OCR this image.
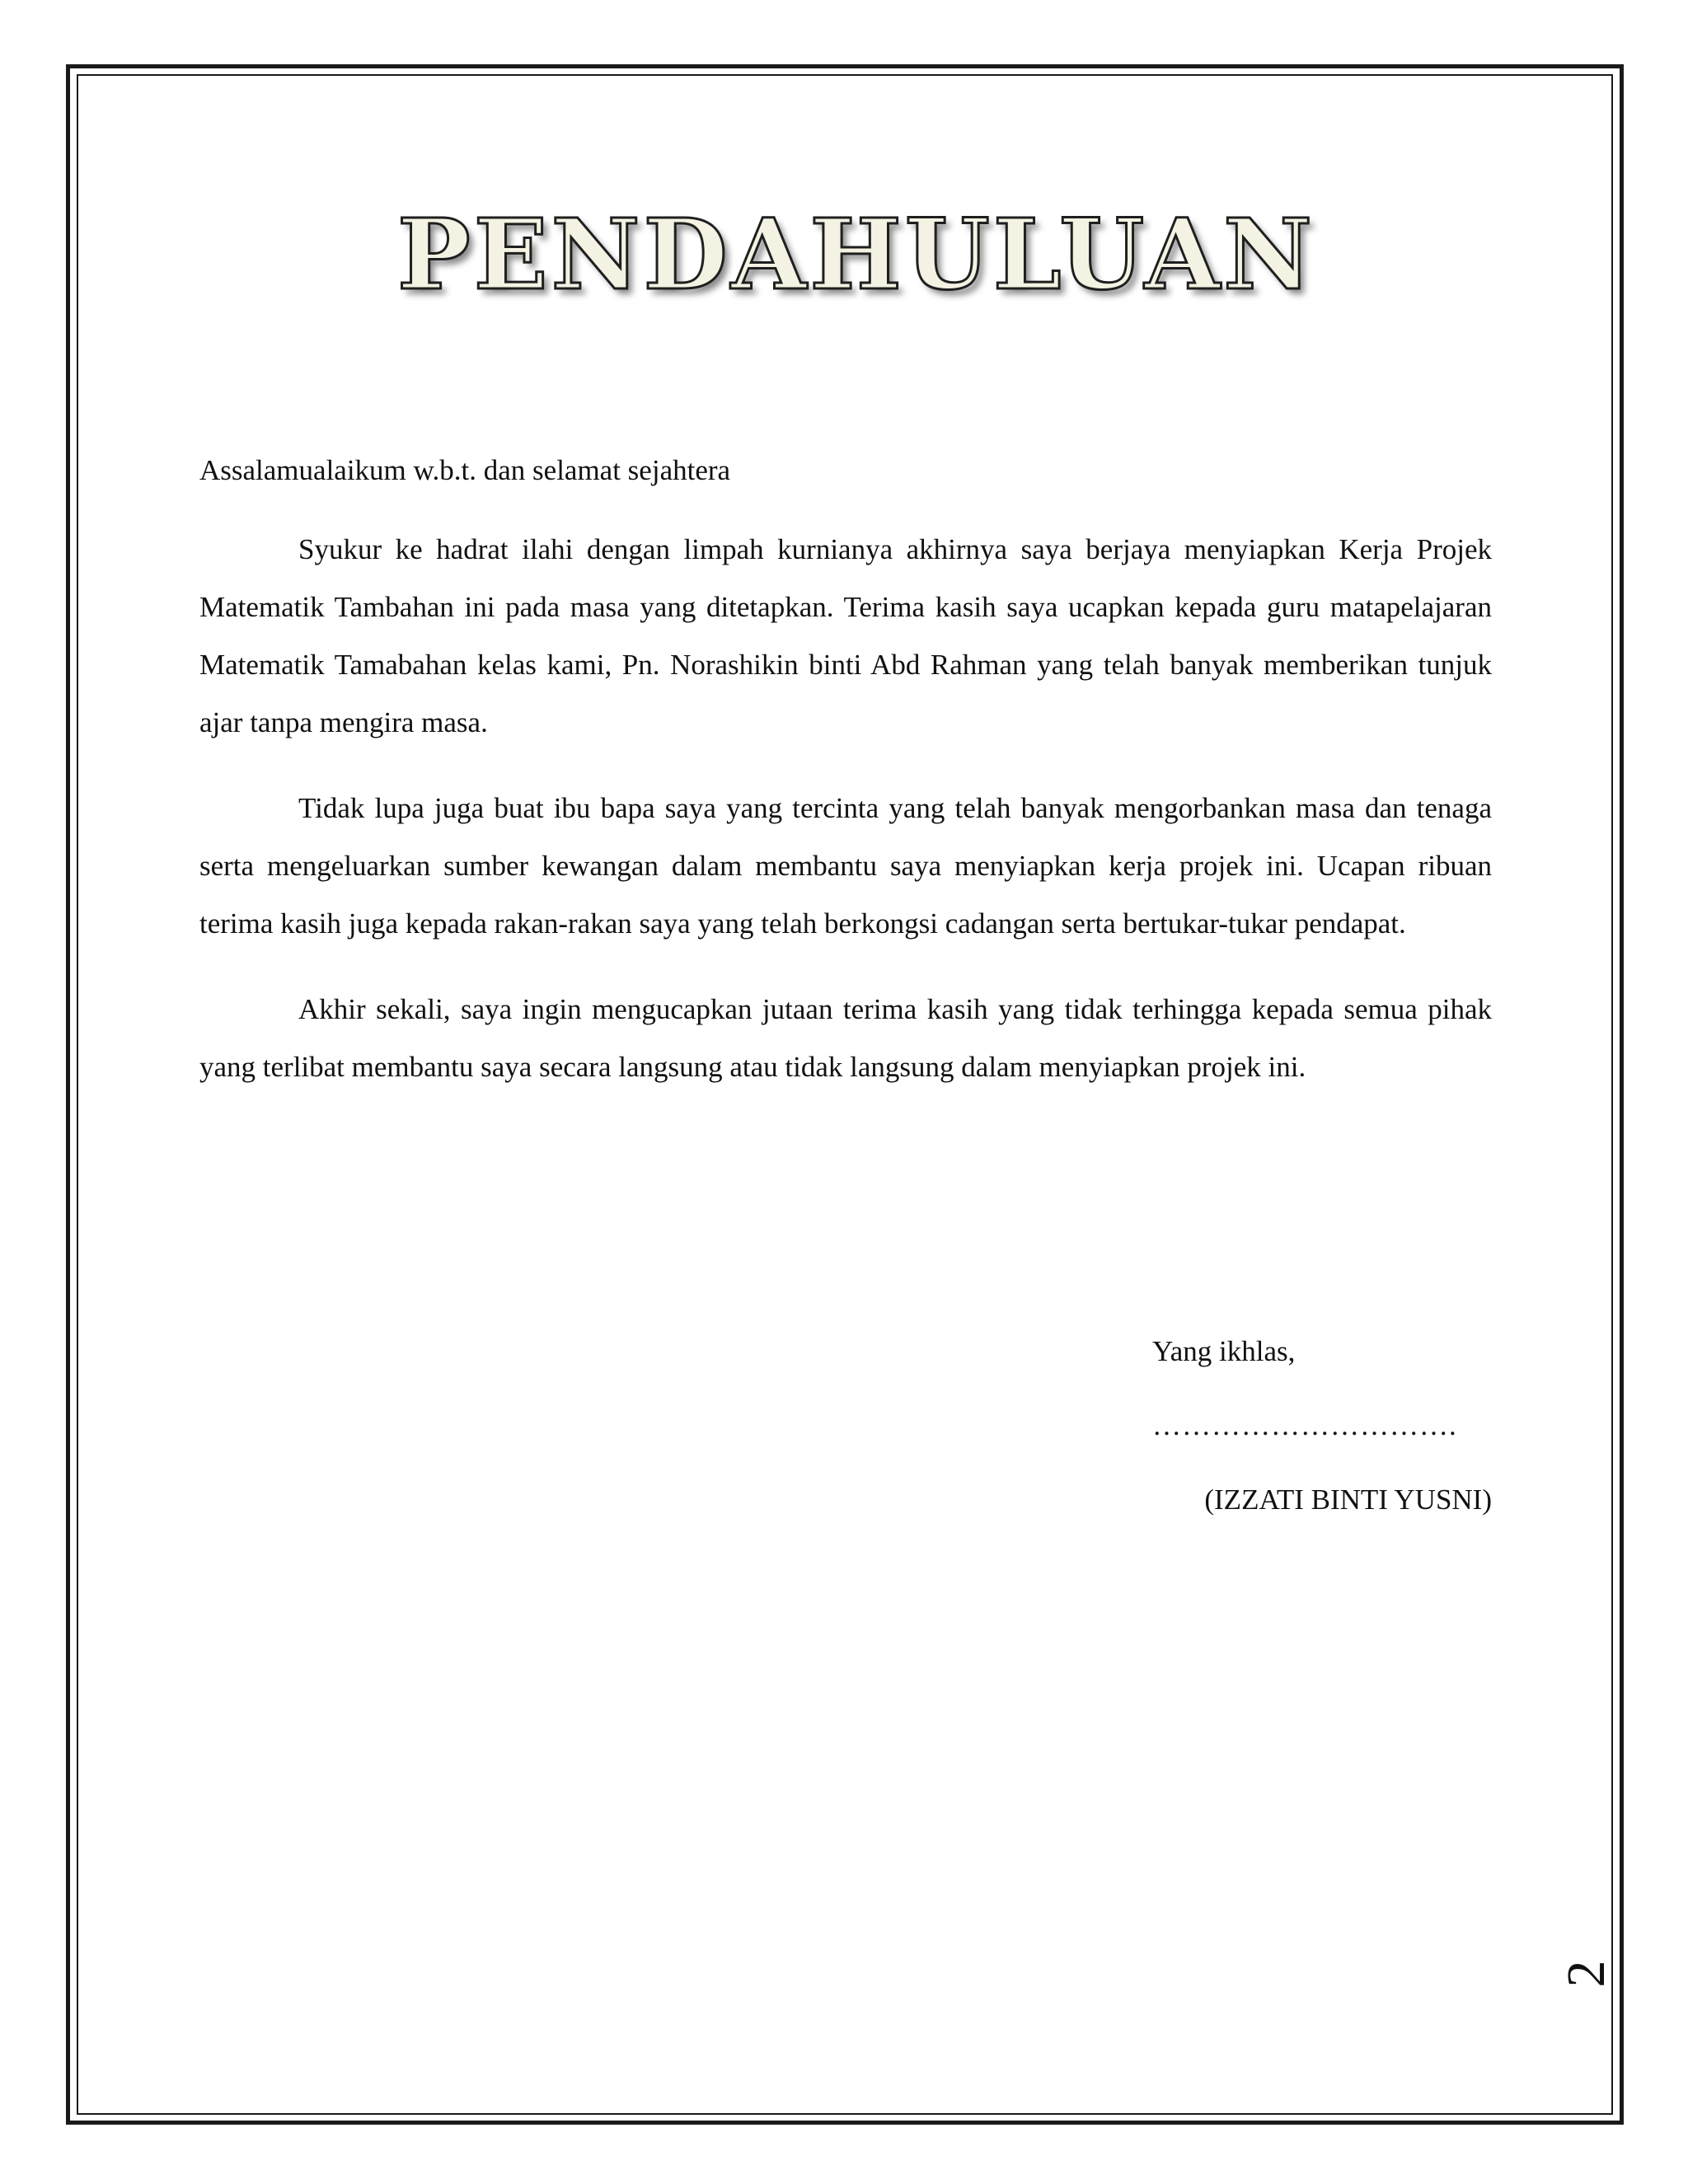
PENDAHULUAN

Assalamualaikum w.b.t. dan selamat sejahtera

Syukur ke hadrat ilahi dengan limpah kurnianya akhirnya saya berjaya menyiapkan Kerja Projek Matematik Tambahan ini pada masa yang ditetapkan. Terima kasih saya ucapkan kepada guru matapelajaran Matematik Tamabahan kelas kami, Pn. Norashikin binti Abd Rahman yang telah banyak memberikan tunjuk ajar tanpa mengira masa.

Tidak lupa juga buat ibu bapa saya yang tercinta yang telah banyak mengorbankan masa dan tenaga serta mengeluarkan sumber kewangan dalam membantu saya menyiapkan kerja projek ini. Ucapan ribuan terima kasih juga kepada rakan-rakan saya yang telah berkongsi cadangan serta bertukar-tukar pendapat.

Akhir sekali, saya ingin mengucapkan jutaan terima kasih yang tidak terhingga kepada semua pihak yang terlibat membantu saya secara langsung atau tidak langsung dalam menyiapkan projek ini.

Yang ikhlas,
………………………….
(IZZATI BINTI YUSNI)
2
